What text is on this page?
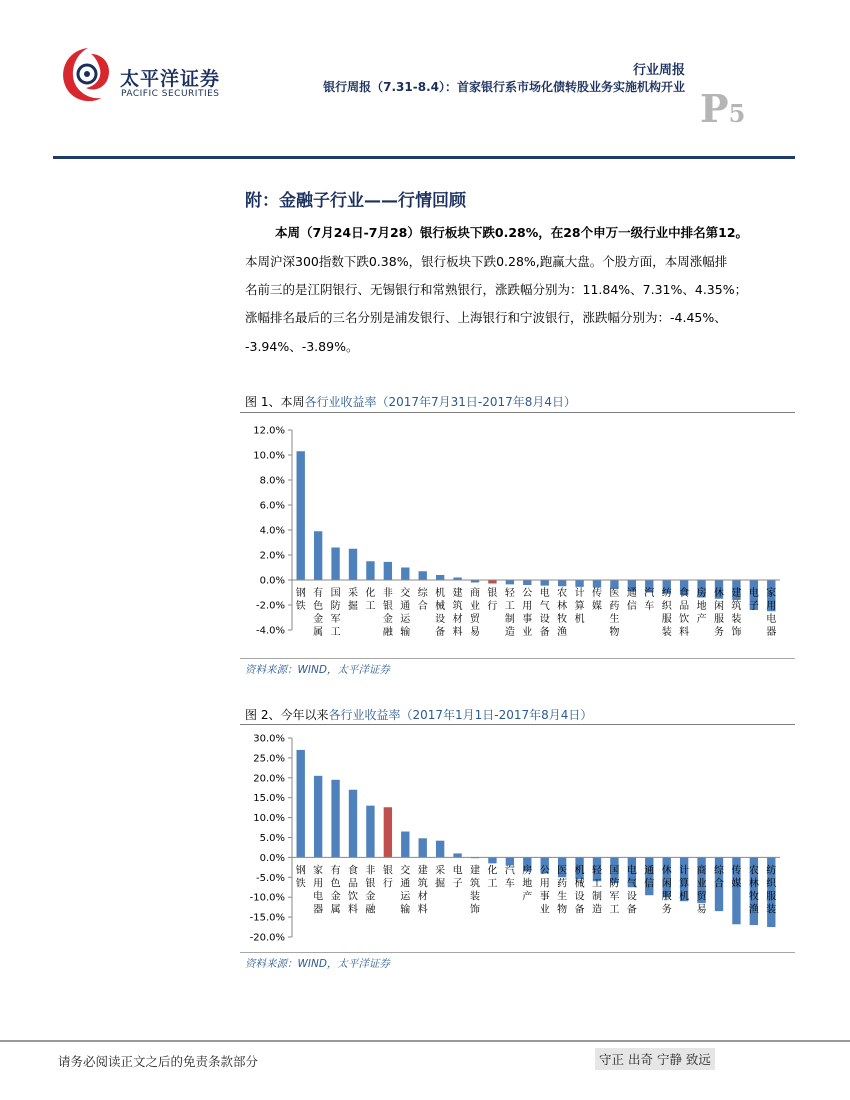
太平洋证券
PACIFIC SECURITIES
行业周报
银行周报（7.31-8.4）：首家银行系市场化债转股业务实施机构开业 P5
附：金融子行业——行情回顾
本周（7月24日-7月28）银行板块下跌0.28%，在28个申万一级行业中排名第12。
本周沪深300指数下跌0.38%，银行板块下跌0.28%,跑赢大盘。个股方面，本周涨幅排
名前三的是江阴银行、无锡银行和常熟银行，涨跌幅分别为：11.84%、7.31%、4.35%；
涨幅排名最后的三名分别是浦发银行、上海银行和宁波银行，涨跌幅分别为：-4.45%、
-3.94%、-3.89%。
图 1、本周各行业收益率（2017年7月31日-2017年8月4日）
-4.0%
-2.0%
0.0%
2.0%
4.0%
6.0%
8.0%
10.0%
12.0%
钢铁
有色金属
国防军工
采掘
化工
非银金融
交通运输
综合
机械设备
建筑材料
商业贸易
银行
轻工制造
公用事业
电气设备
农林牧渔
计算机
传媒
医药生物
通信
汽车
纺织服装
食品饮料
房地产
休闲服务
建筑装饰
电子
家用电器
资料来源：WIND，太平洋证券
图 2、今年以来各行业收益率（2017年1月1日-2017年8月4日）
-20.0%
-15.0%
-10.0%
-5.0%
0.0%
5.0%
10.0%
15.0%
20.0%
25.0%
30.0%
钢铁
家用电器
有色金属
食品饮料
非银金融
银行
交通运输
建筑材料
采掘
电子
建筑装饰
化工
汽车
房地产
公用事业
医药生物
机械设备
轻工制造
国防军工
电气设备
通信
休闲服务
计算机
商业贸易
综合
传媒
农林牧渔
纺织服装
资料来源：WIND，太平洋证券
请务必阅读正文之后的免责条款部分	守正 出奇 宁静 致远
